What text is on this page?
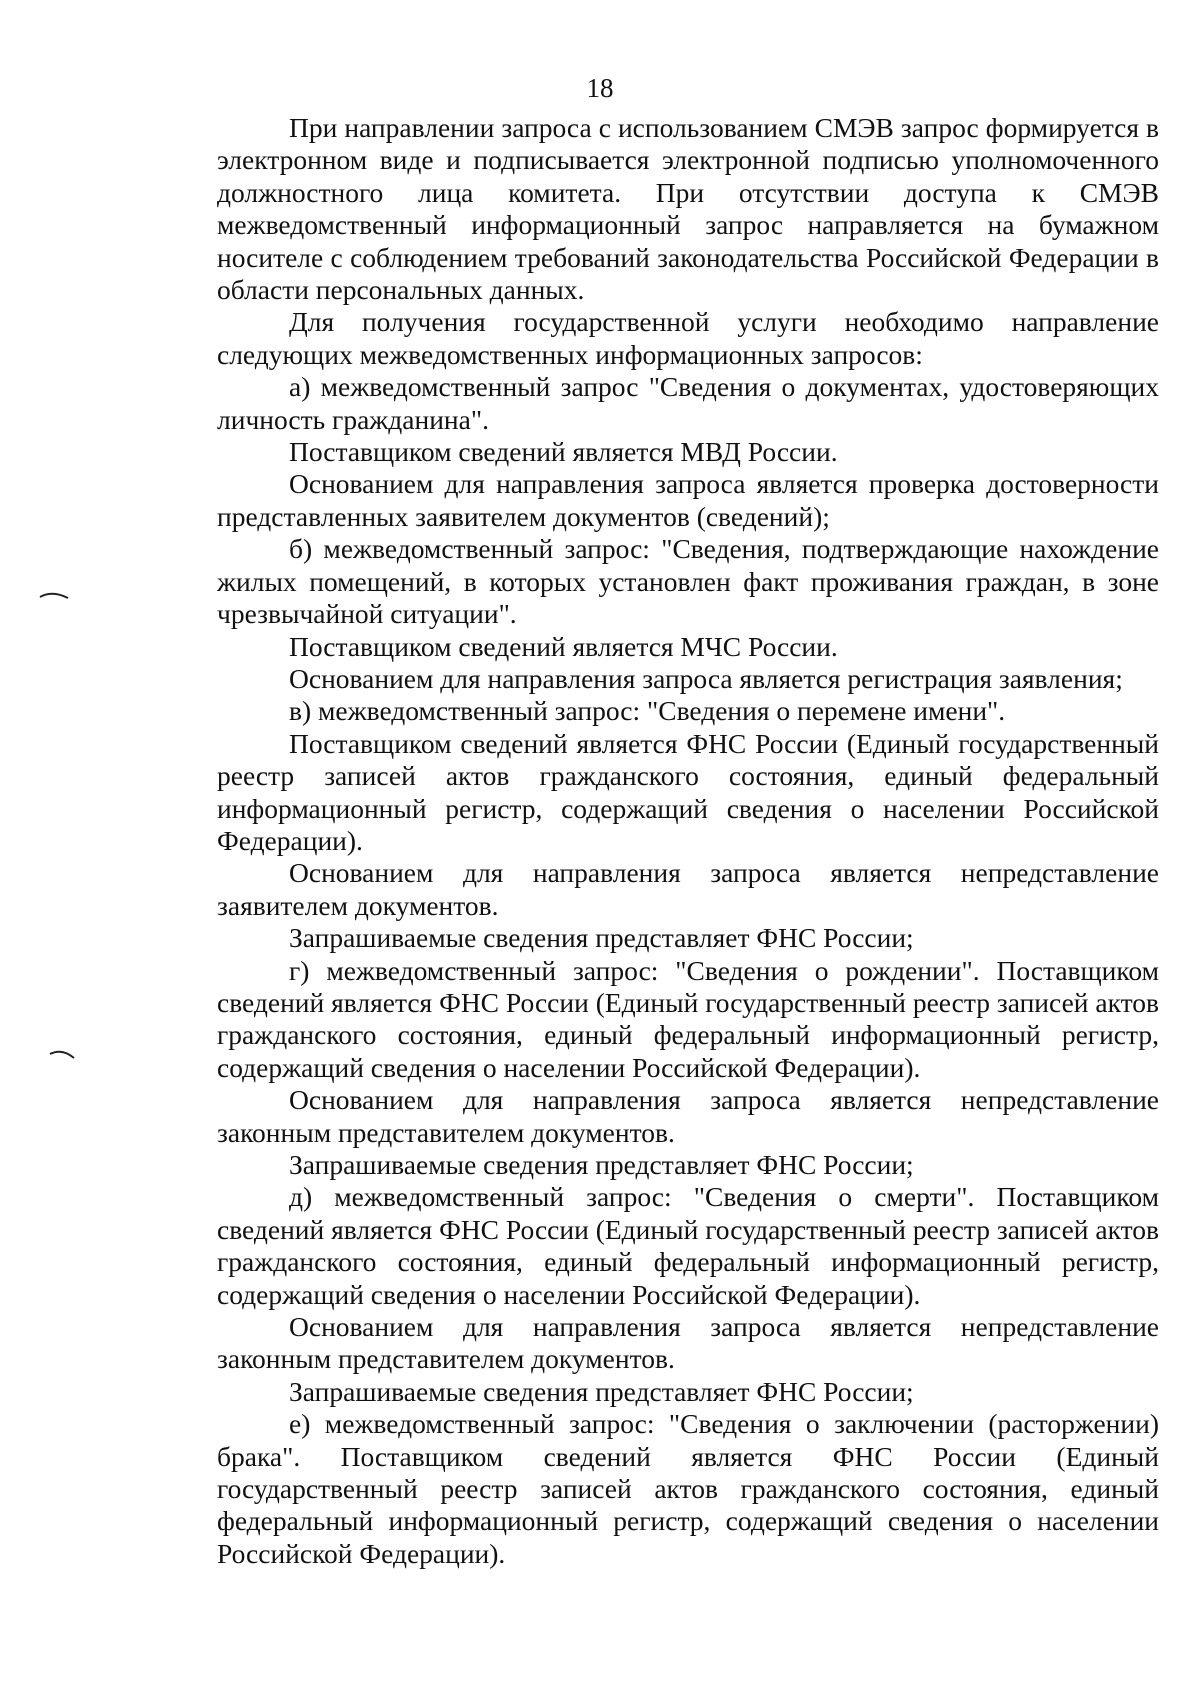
18

При направлении запроса с использованием СМЭВ запрос формируется в электронном виде и подписывается электронной подписью уполномоченного должностного лица комитета. При отсутствии доступа к СМЭВ межведомственный информационный запрос направляется на бумажном носителе с соблюдением требований законодательства Российской Федерации в области персональных данных.

Для получения государственной услуги необходимо направление следующих межведомственных информационных запросов:

а) межведомственный запрос "Сведения о документах, удостоверяющих личность гражданина".

Поставщиком сведений является МВД России.

Основанием для направления запроса является проверка достоверности представленных заявителем документов (сведений);

б) межведомственный запрос: "Сведения, подтверждающие нахождение жилых помещений, в которых установлен факт проживания граждан, в зоне чрезвычайной ситуации".

Поставщиком сведений является МЧС России.

Основанием для направления запроса является регистрация заявления;

в) межведомственный запрос: "Сведения о перемене имени".

Поставщиком сведений является ФНС России (Единый государственный реестр записей актов гражданского состояния, единый федеральный информационный регистр, содержащий сведения о населении Российской Федерации).

Основанием для направления запроса является непредставление заявителем документов.

Запрашиваемые сведения представляет ФНС России;

г) межведомственный запрос: "Сведения о рождении". Поставщиком сведений является ФНС России (Единый государственный реестр записей актов гражданского состояния, единый федеральный информационный регистр, содержащий сведения о населении Российской Федерации).

Основанием для направления запроса является непредставление законным представителем документов.

Запрашиваемые сведения представляет ФНС России;

д) межведомственный запрос: "Сведения о смерти". Поставщиком сведений является ФНС России (Единый государственный реестр записей актов гражданского состояния, единый федеральный информационный регистр, содержащий сведения о населении Российской Федерации).

Основанием для направления запроса является непредставление законным представителем документов.

Запрашиваемые сведения представляет ФНС России;

е) межведомственный запрос: "Сведения о заключении (расторжении) брака". Поставщиком сведений является ФНС России (Единый государственный реестр записей актов гражданского состояния, единый федеральный информационный регистр, содержащий сведения о населении Российской Федерации).
